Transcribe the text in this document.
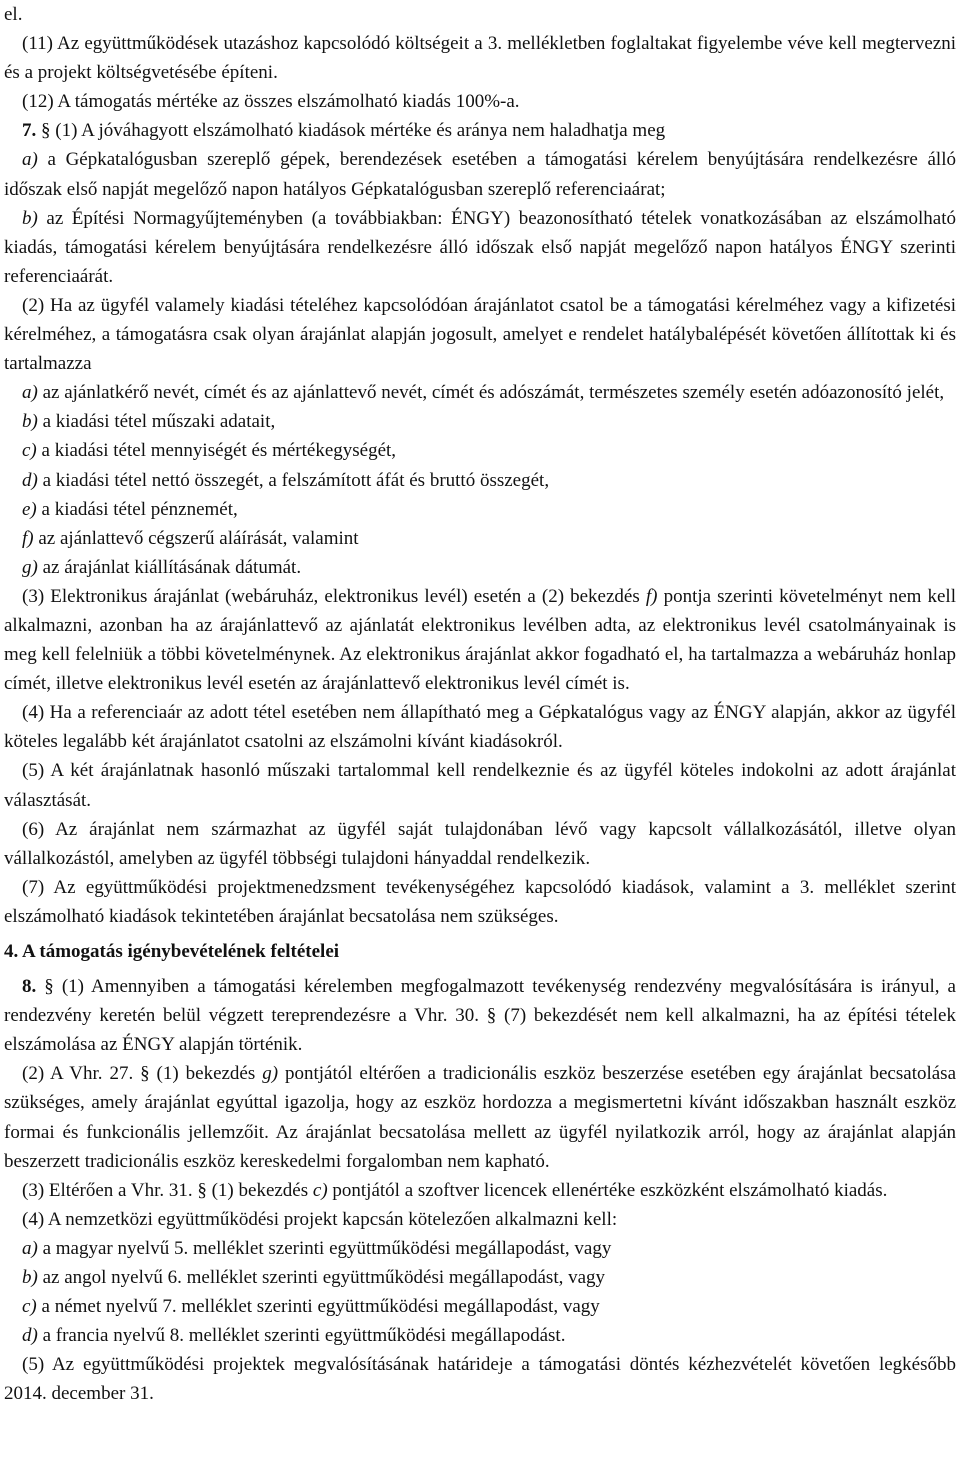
el.

(11) Az együttműködések utazáshoz kapcsolódó költségeit a 3. mellékletben foglaltakat figyelembe véve kell megtervezni és a projekt költségvetésébe építeni.

(12) A támogatás mértéke az összes elszámolható kiadás 100%-a.

7. § (1) A jóváhagyott elszámolható kiadások mértéke és aránya nem haladhatja meg

a) a Gépkatalógusban szereplő gépek, berendezések esetében a támogatási kérelem benyújtására rendelkezésre álló időszak első napját megelőző napon hatályos Gépkatalógusban szereplő referenciaárat;

b) az Építési Normagyűjteményben (a továbbiakban: ÉNGY) beazonosítható tételek vonatkozásában az elszámolható kiadás, támogatási kérelem benyújtására rendelkezésre álló időszak első napját megelőző napon hatályos ÉNGY szerinti referenciaárát.

(2) Ha az ügyfél valamely kiadási tételéhez kapcsolódóan árajánlatot csatol be a támogatási kérelméhez vagy a kifizetési kérelméhez, a támogatásra csak olyan árajánlat alapján jogosult, amelyet e rendelet hatálybalépését követően állítottak ki és tartalmazza

a) az ajánlatkérő nevét, címét és az ajánlattevő nevét, címét és adószámát, természetes személy esetén adóazonosító jelét,

b) a kiadási tétel műszaki adatait,

c) a kiadási tétel mennyiségét és mértékegységét,

d) a kiadási tétel nettó összegét, a felszámított áfát és bruttó összegét,

e) a kiadási tétel pénznemét,

f) az ajánlattevő cégszerű aláírását, valamint

g) az árajánlat kiállításának dátumát.

(3) Elektronikus árajánlat (webáruház, elektronikus levél) esetén a (2) bekezdés f) pontja szerinti követelményt nem kell alkalmazni, azonban ha az árajánlattevő az ajánlatát elektronikus levélben adta, az elektronikus levél csatolmányainak is meg kell felelniük a többi követelménynek. Az elektronikus árajánlat akkor fogadható el, ha tartalmazza a webáruház honlap címét, illetve elektronikus levél esetén az árajánlattevő elektronikus levél címét is.

(4) Ha a referenciaár az adott tétel esetében nem állapítható meg a Gépkatalógus vagy az ÉNGY alapján, akkor az ügyfél köteles legalább két árajánlatot csatolni az elszámolni kívánt kiadásokról.

(5) A két árajánlatnak hasonló műszaki tartalommal kell rendelkeznie és az ügyfél köteles indokolni az adott árajánlat választását.

(6) Az árajánlat nem származhat az ügyfél saját tulajdonában lévő vagy kapcsolt vállalkozásától, illetve olyan vállalkozástól, amelyben az ügyfél többségi tulajdoni hányaddal rendelkezik.

(7) Az együttműködési projektmenedzsment tevékenységéhez kapcsolódó kiadások, valamint a 3. melléklet szerint elszámolható kiadások tekintetében árajánlat becsatolása nem szükséges.

4. A támogatás igénybevételének feltételei

8. § (1) Amennyiben a támogatási kérelemben megfogalmazott tevékenység rendezvény megvalósítására is irányul, a rendezvény keretén belül végzett tereprendezésre a Vhr. 30. § (7) bekezdését nem kell alkalmazni, ha az építési tételek elszámolása az ÉNGY alapján történik.

(2) A Vhr. 27. § (1) bekezdés g) pontjától eltérően a tradicionális eszköz beszerzése esetében egy árajánlat becsatolása szükséges, amely árajánlat egyúttal igazolja, hogy az eszköz hordozza a megismertetni kívánt időszakban használt eszköz formai és funkcionális jellemzőit. Az árajánlat becsatolása mellett az ügyfél nyilatkozik arról, hogy az árajánlat alapján beszerzett tradicionális eszköz kereskedelmi forgalomban nem kapható.

(3) Eltérően a Vhr. 31. § (1) bekezdés c) pontjától a szoftver licencek ellenértéke eszközként elszámolható kiadás.

(4) A nemzetközi együttműködési projekt kapcsán kötelezően alkalmazni kell:

a) a magyar nyelvű 5. melléklet szerinti együttműködési megállapodást, vagy

b) az angol nyelvű 6. melléklet szerinti együttműködési megállapodást, vagy

c) a német nyelvű 7. melléklet szerinti együttműködési megállapodást, vagy

d) a francia nyelvű 8. melléklet szerinti együttműködési megállapodást.

(5) Az együttműködési projektek megvalósításának határideje a támogatási döntés kézhezvételét követően legkésőbb 2014. december 31.
